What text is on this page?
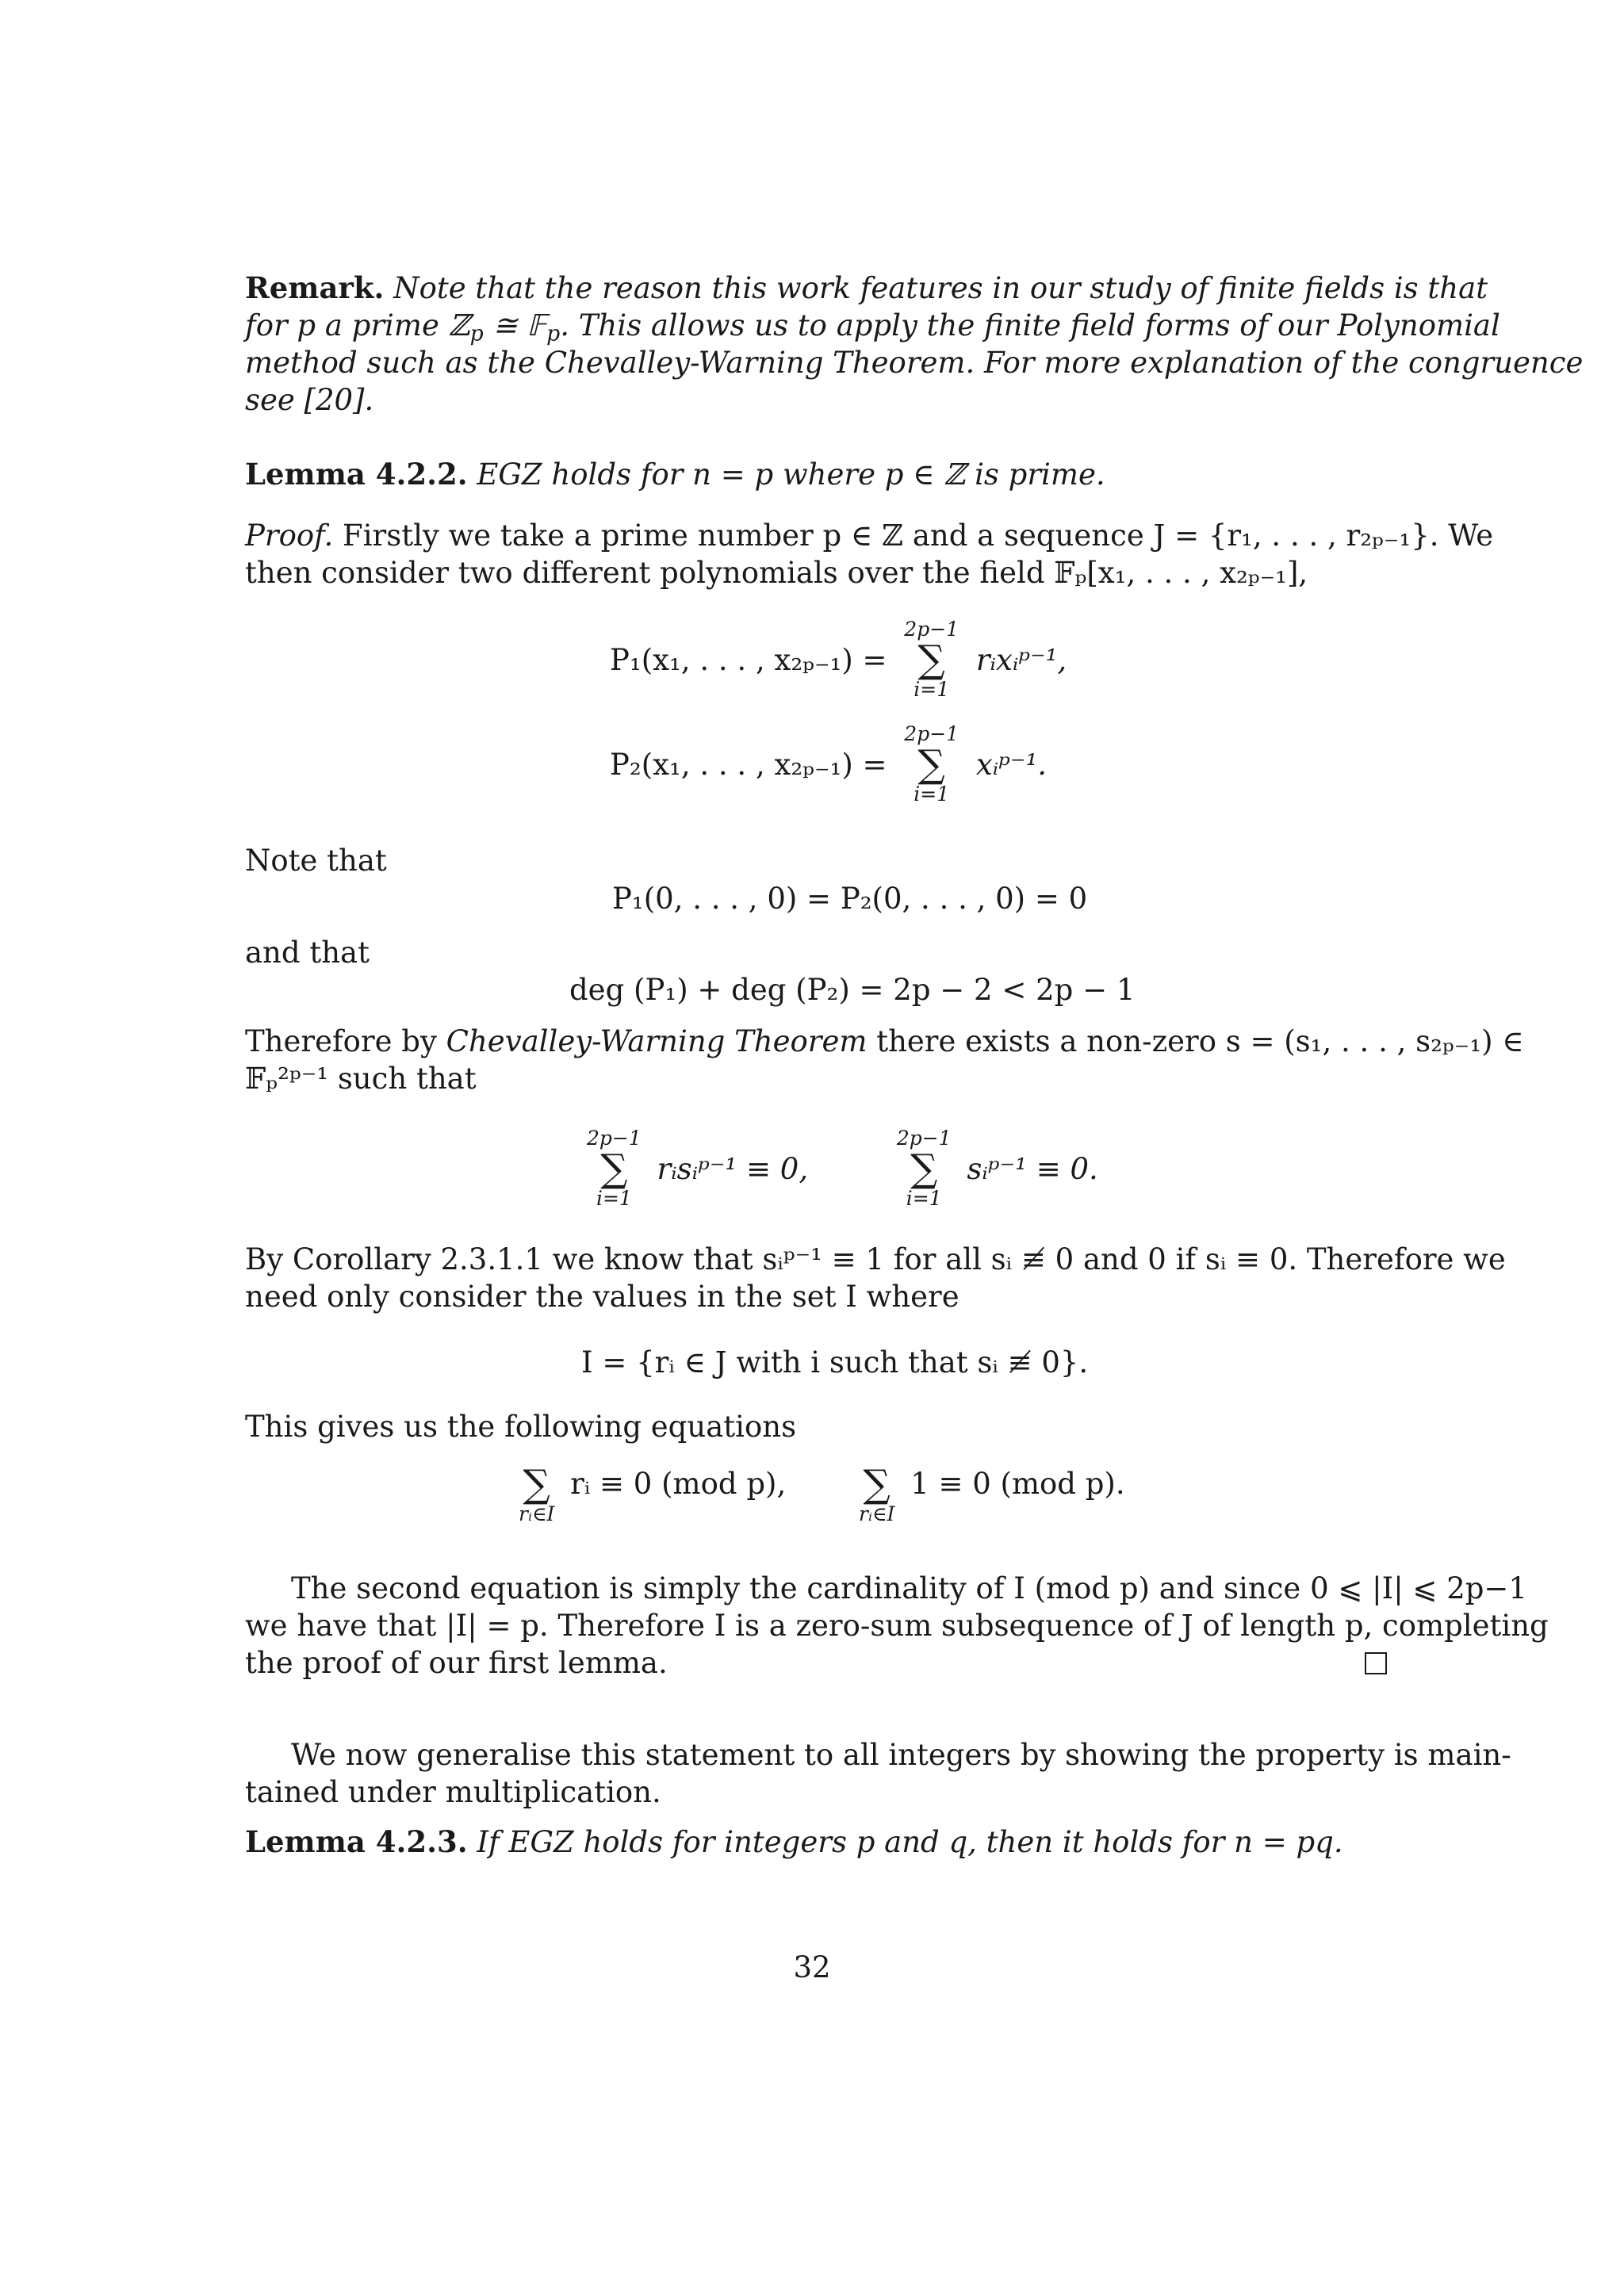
Remark. Note that the reason this work features in our study of finite fields is that
for p a prime ℤ$_p$ ≅ 𝔽$_p$. This allows us to apply the finite field forms of our Polynomial
method such as the Chevalley-Warning Theorem. For more explanation of the congruence
see [20].
Lemma 4.2.2. EGZ holds for n = p where p ∈ ℤ is prime.
Proof. Firstly we take a prime number p ∈ ℤ and a sequence J = {r₁, . . . , r₂ₚ₋₁}. We
then consider two different polynomials over the field 𝔽ₚ[x₁, . . . , x₂ₚ₋₁],
P₁(x₁, . . . , x₂ₚ₋₁) =
2p−1
∑
i=1
rᵢxᵢᵖ⁻¹,
P₂(x₁, . . . , x₂ₚ₋₁) =
2p−1
∑
i=1
xᵢᵖ⁻¹.
Note that
P₁(0, . . . , 0) = P₂(0, . . . , 0) = 0
and that
deg (P₁) + deg (P₂) = 2p − 2 < 2p − 1
Therefore by Chevalley-Warning Theorem there exists a non-zero s = (s₁, . . . , s₂ₚ₋₁) ∈
𝔽ₚ²ᵖ⁻¹ such that
2p−1
∑
i=1
rᵢsᵢᵖ⁻¹ ≡ 0,
2p−1
∑
i=1
sᵢᵖ⁻¹ ≡ 0.
By Corollary 2.3.1.1 we know that sᵢᵖ⁻¹ ≡ 1 for all sᵢ ≢ 0 and 0 if sᵢ ≡ 0. Therefore we
need only consider the values in the set I where
I = {rᵢ ∈ J with i such that sᵢ ≢ 0}.
This gives us the following equations
∑
rᵢ∈I
rᵢ ≡ 0 (mod p), ∑
rᵢ∈I
1 ≡ 0 (mod p).
The second equation is simply the cardinality of I (mod p) and since 0 ⩽ |I| ⩽ 2p−1
we have that |I| = p. Therefore I is a zero-sum subsequence of J of length p, completing
the proof of our first lemma.
We now generalise this statement to all integers by showing the property is main-
tained under multiplication.
Lemma 4.2.3. If EGZ holds for integers p and q, then it holds for n = pq.
32
